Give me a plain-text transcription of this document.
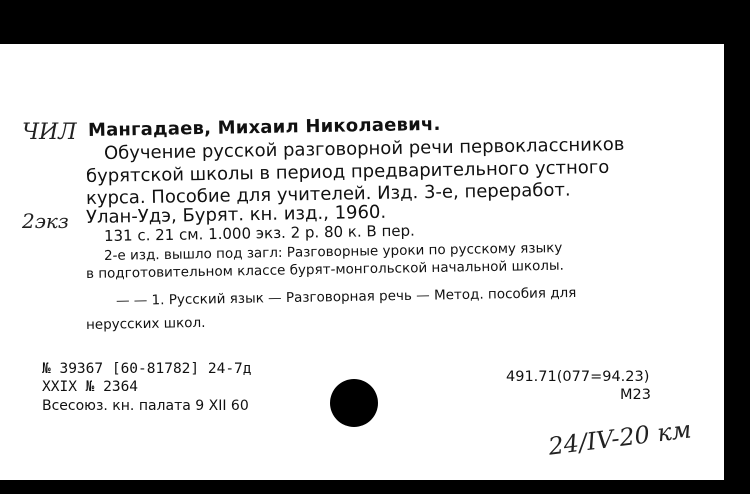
ЧИЛ
2экз
Мангадаев, Михаил Николаевич.
Обучение русской разговорной речи первоклассников
бурятской школы в период предварительного устного
курса. Пособие для учителей. Изд. 3-е, переработ.
Улан-Удэ, Бурят. кн. изд., 1960.
131 с. 21 см. 1.000 экз. 2 р. 80 к. В пер.
2-е изд. вышло под загл: Разговорные уроки по русскому языку
в подготовительном классе бурят-монгольской начальной школы.
— — 1. Русский язык — Разговорная речь — Метод. пособия для
нерусских школ.
№ 39367 [60-81782] 24-7д
XXIX № 2364
Всесоюз. кн. палата 9 XII 60
491.71(077=94.23)
М23
24/IV-20 км
